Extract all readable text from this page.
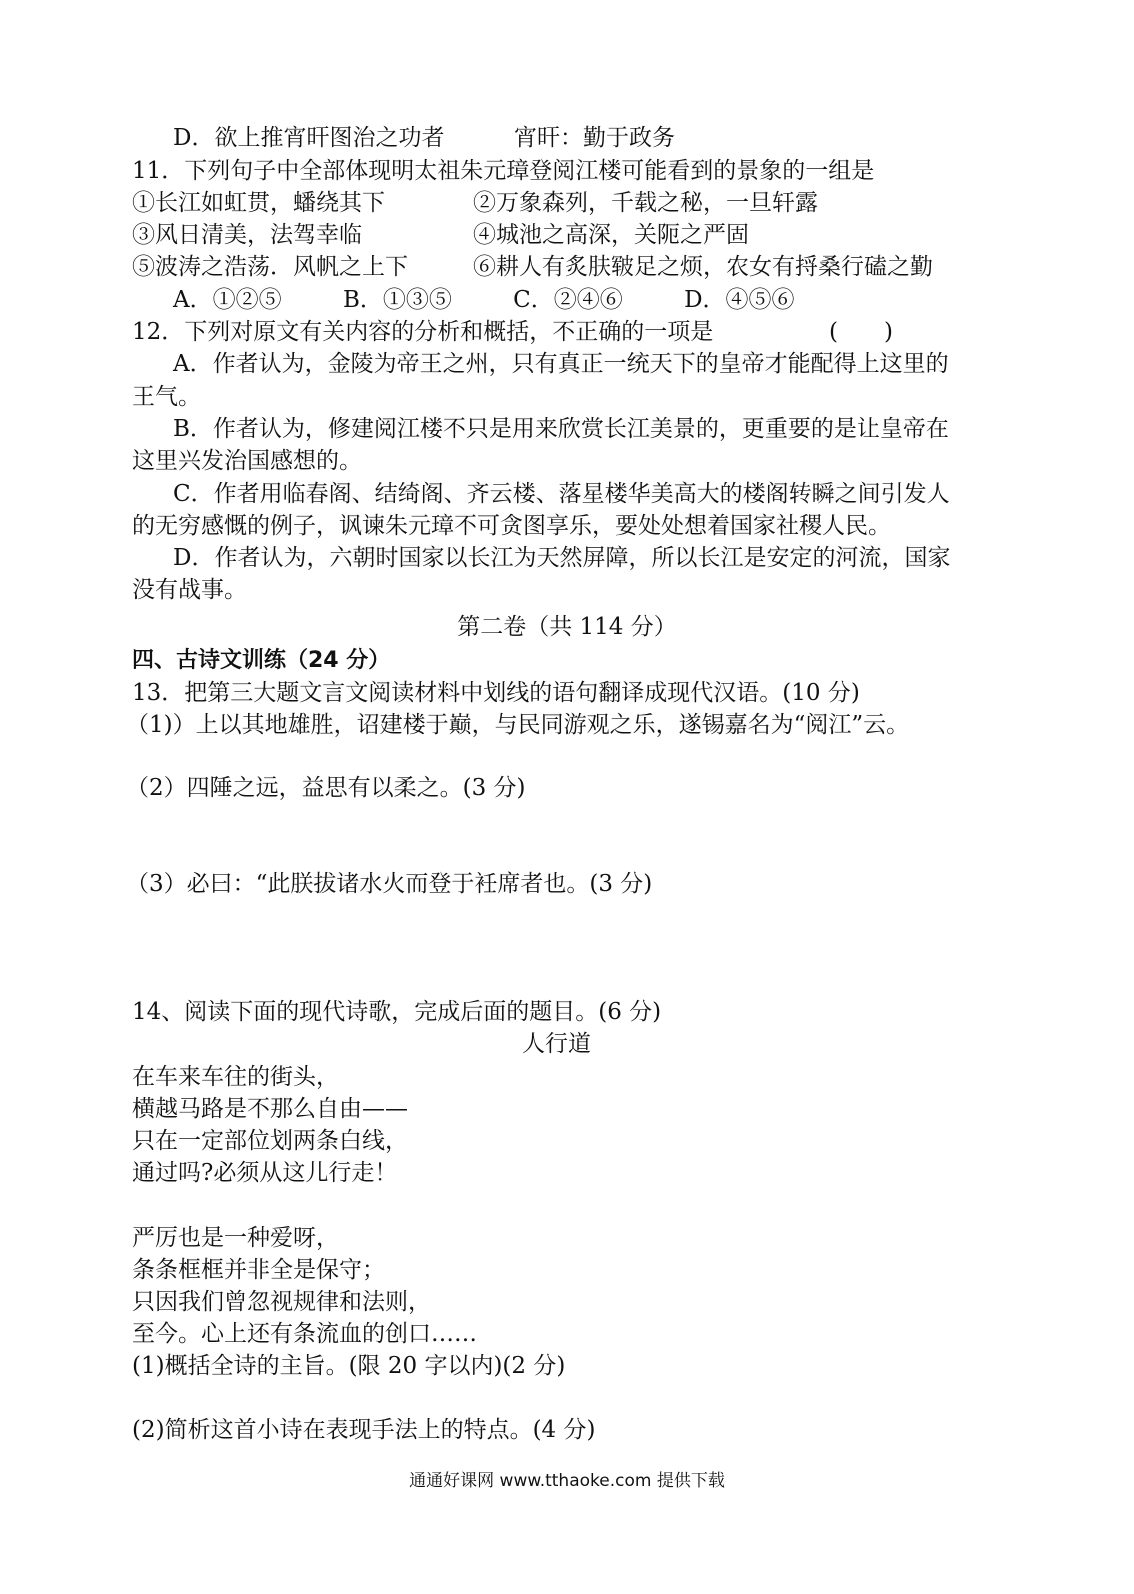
D．欲上推宵旰图治之功者	宵旰：勤于政务
11．下列句子中全部体现明太祖朱元璋登阅江楼可能看到的景象的一组是
①长江如虹贯，蟠绕其下	②万象森列，千载之秘，一旦轩露
③风日清美，法驾幸临	④城池之高深，关阨之严固
⑤波涛之浩荡．风帆之上下	⑥耕人有炙肤皲足之烦，农女有捋桑行磕之勤
A．①②⑤	B．①③⑤	C．②④⑥	D．④⑤⑥
12．下列对原文有关内容的分析和概括，不正确的一项是	(　　)
A．作者认为，金陵为帝王之州，只有真正一统天下的皇帝才能配得上这里的
王气。
B．作者认为，修建阅江楼不只是用来欣赏长江美景的，更重要的是让皇帝在
这里兴发治国感想的。
C．作者用临春阁、结绮阁、齐云楼、落星楼华美高大的楼阁转瞬之间引发人
的无穷感慨的例子，讽谏朱元璋不可贪图享乐，要处处想着国家社稷人民。
D．作者认为，六朝时国家以长江为天然屏障，所以长江是安定的河流，国家
没有战事。
第二卷（共 114 分）
四、古诗文训练（24 分）
13．把第三大题文言文阅读材料中划线的语句翻译成现代汉语。(10 分)
（1)）上以其地雄胜，诏建楼于巅，与民同游观之乐，遂锡嘉名为“阅江”云。
（2）四陲之远，益思有以柔之。(3 分)
（3）必曰：“此朕拔诸水火而登于衽席者也。(3 分)
14、阅读下面的现代诗歌，完成后面的题目。(6 分)
人行道
在车来车往的街头，
横越马路是不那么自由——
只在一定部位划两条白线，
通过吗?必须从这儿行走！
严厉也是一种爱呀，
条条框框并非全是保守；
只因我们曾忽视规律和法则，
至今。心上还有条流血的创口……
(1)概括全诗的主旨。(限 20 字以内)(2 分)
(2)简析这首小诗在表现手法上的特点。(4 分)
通通好课网 www.tthaoke.com 提供下载
